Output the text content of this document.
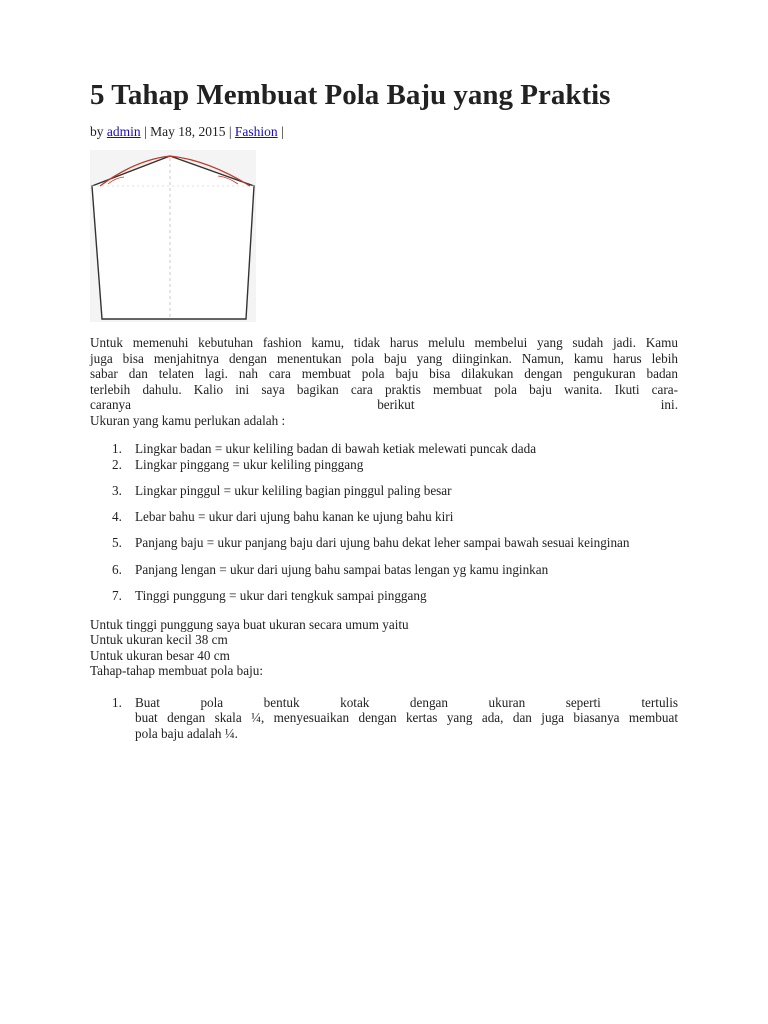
5 Tahap Membuat Pola Baju yang Praktis
by admin | May 18, 2015 | Fashion |

Untuk memenuhi kebutuhan fashion kamu, tidak harus melulu membelui yang sudah jadi. Kamu
juga bisa menjahitnya dengan menentukan pola baju yang diinginkan. Namun, kamu harus lebih
sabar dan telaten lagi. nah cara membuat pola baju bisa dilakukan dengan pengukuran badan
terlebih dahulu. Kalio ini saya bagikan cara praktis membuat pola baju wanita. Ikuti cara-
caranya berikut ini.

Ukuran yang kamu perlukan adalah :

1. Lingkar badan = ukur keliling badan di bawah ketiak melewati puncak dada
2. Lingkar pinggang = ukur keliling pinggang
3. Lingkar pinggul = ukur keliling bagian pinggul paling besar
4. Lebar bahu = ukur dari ujung bahu kanan ke ujung bahu kiri
5. Panjang baju = ukur panjang baju dari ujung bahu dekat leher sampai bawah sesuai keinginan
6. Panjang lengan = ukur dari ujung bahu sampai batas lengan yg kamu inginkan
7. Tinggi punggung = ukur dari tengkuk sampai pinggang
Untuk tinggi punggung saya buat ukuran secara umum yaitu
Untuk ukuran kecil 38 cm
Untuk ukuran besar 40 cm
Tahap-tahap membuat pola baju:
1. Buat pola bentuk kotak dengan ukuran seperti tertulis
buat dengan skala ¼, menyesuaikan dengan kertas yang ada, dan juga biasanya membuat
pola baju adalah ¼.
